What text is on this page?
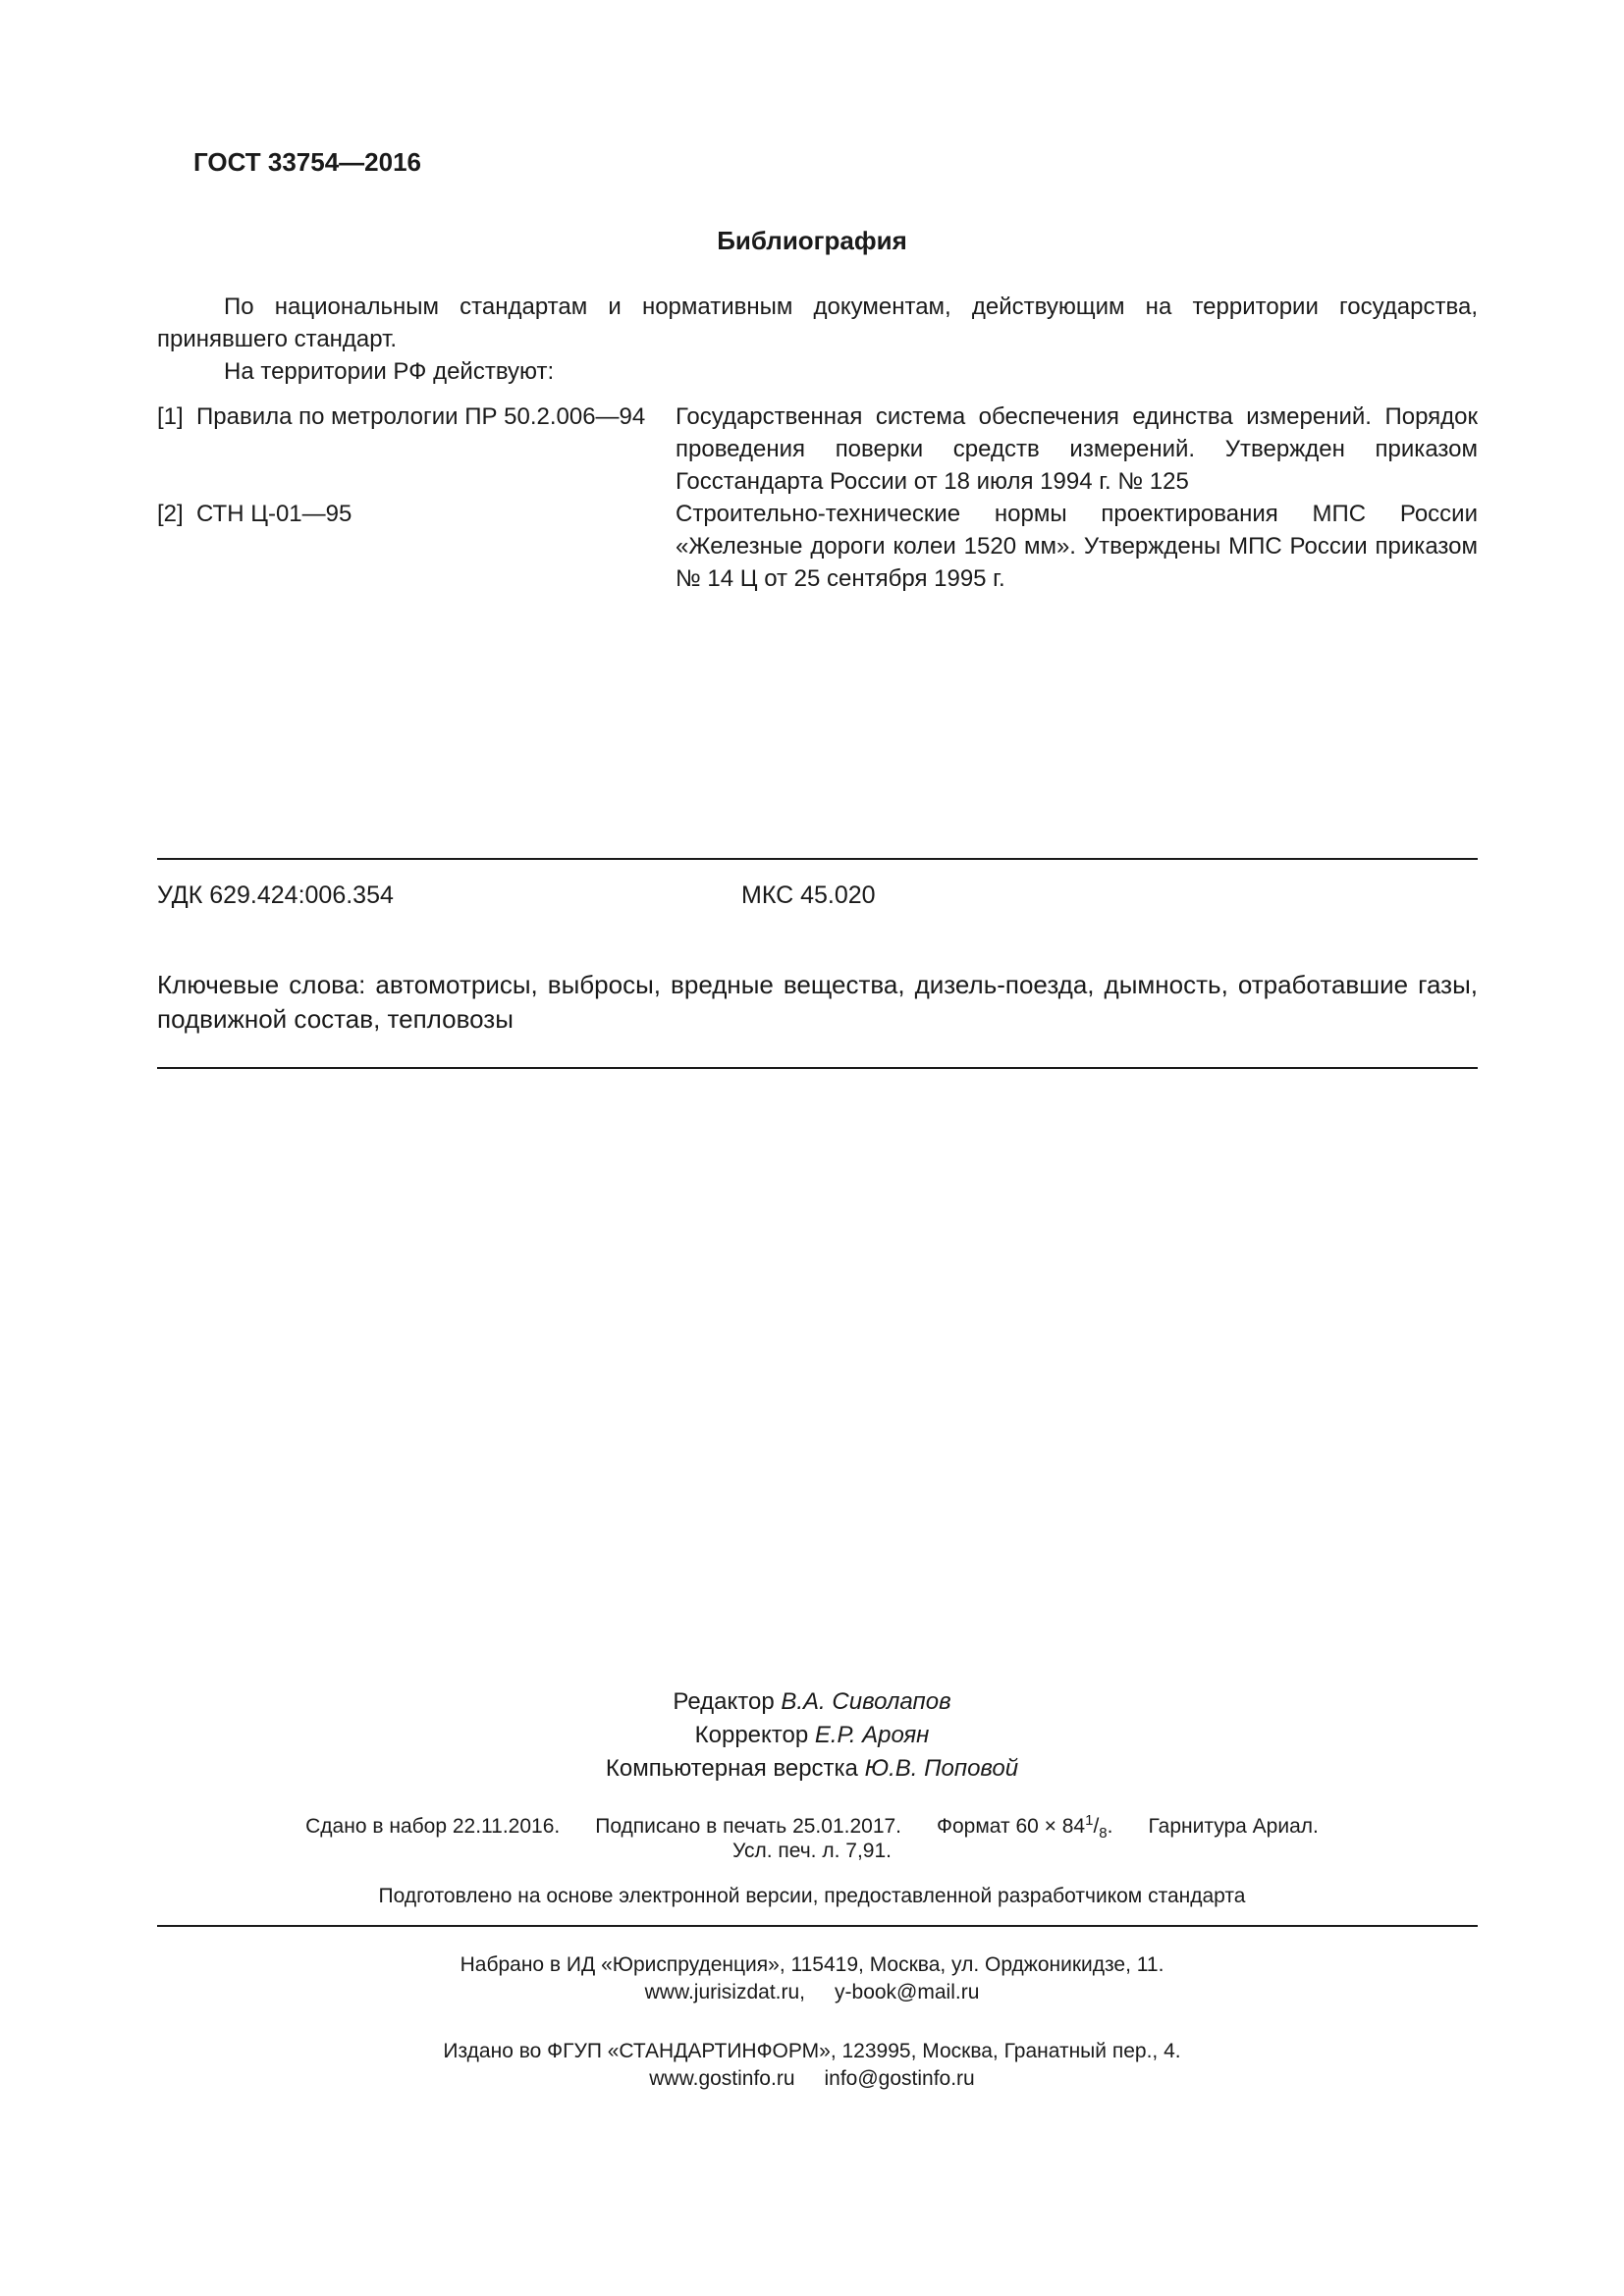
ГОСТ 33754—2016
Библиография

По национальным стандартам и нормативным документам, действующим на территории государства, принявшего стандарт.

На территории РФ действуют:

[1] Правила по метрологии ПР 50.2.006—94	Государственная система обеспечения единства измерений. Порядок проведения поверки средств измерений. Утвержден приказом Госстандарта России от 18 июля 1994 г. № 125
[2] СТН Ц-01—95	Строительно-технические нормы проектирования МПС России «Железные дороги колеи 1520 мм». Утверждены МПС России приказом № 14 Ц от 25 сентября 1995 г.
УДК 629.424:006.354	МКС 45.020
Ключевые слова: автомотрисы, выбросы, вредные вещества, дизель-поезда, дымность, отработавшие газы, подвижной состав, тепловозы
Редактор В.А. Сиволапов
Корректор Е.Р. Ароян
Компьютерная верстка Ю.В. Поповой
Сдано в набор 22.11.2016. Подписано в печать 25.01.2017. Формат $60 \times 84^1/_8$. Гарнитура Ариал.
Усл. печ. л. 7,91.
Подготовлено на основе электронной версии, предоставленной разработчиком стандарта
Набрано в ИД «Юриспруденция», 115419, Москва, ул. Орджоникидзе, 11.
www.jurisizdat.ru, y-book@mail.ru
Издано во ФГУП «СТАНДАРТИНФОРМ», 123995, Москва, Гранатный пер., 4.
www.gostinfo.ru info@gostinfo.ru
